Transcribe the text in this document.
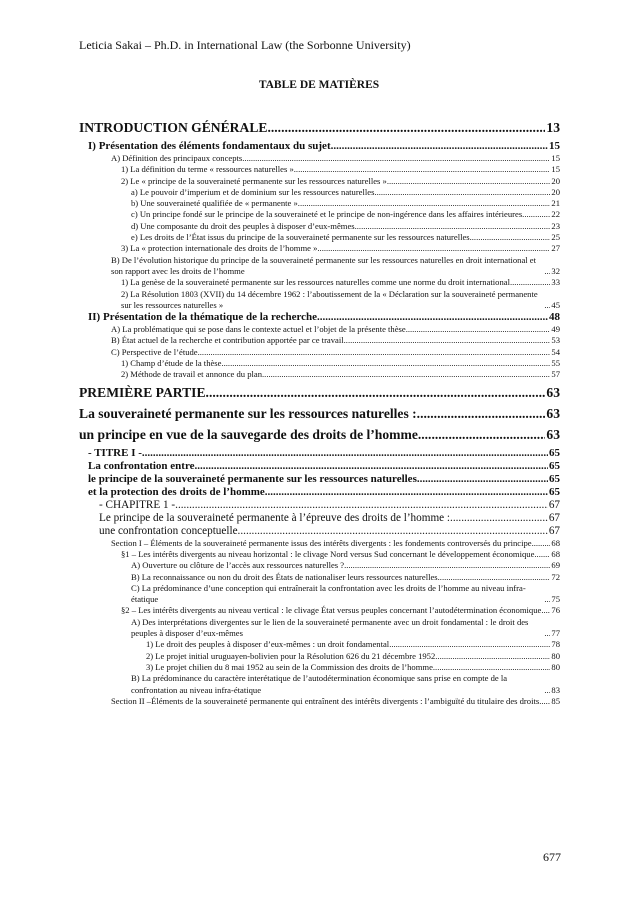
Leticia Sakai – Ph.D. in International Law (the Sorbonne University)
TABLE DE MATIÈRES
INTRODUCTION GÉNÉRALE .....	13
I) Présentation des éléments fondamentaux du sujet .....	15
A) Définition des principaux concepts .....	15
1) La définition du terme « ressources naturelles » .....	15
2) Le « principe de la souveraineté permanente sur les ressources naturelles » .....	20
a) Le pouvoir d’imperium et de dominium sur les ressources naturelles .....	20
b) Une souveraineté qualifiée de « permanente » .....	21
c) Un principe fondé sur le principe de la souveraineté et le principe de non-ingérence dans les affaires intérieures .....	22
d) Une composante du droit des peuples à disposer d’eux-mêmes .....	23
e) Les droits de l’État issus du principe de la souveraineté permanente sur les ressources naturelles .....	25
3) La « protection internationale des droits de l’homme » .....	27
B) De l’évolution historique du principe de la souveraineté permanente sur les ressources naturelles en droit international et son rapport avec les droits de l’homme .....	32
1) La genèse de la souveraineté permanente sur les ressources naturelles comme une norme du droit international .....	33
2) La Résolution 1803 (XVII) du 14 décembre 1962 : l’aboutissement de la « Déclaration sur la souveraineté permanente sur les ressources naturelles » .....	45
II) Présentation de la thématique de la recherche .....	48
A) La problématique qui se pose dans le contexte actuel et l’objet de la présente thèse .....	49
B) État actuel de la recherche et contribution apportée par ce travail .....	53
C) Perspective de l’étude .....	54
1) Champ d’étude de la thèse .....	55
2) Méthode de travail et annonce du plan .....	57
PREMIÈRE PARTIE .....	63
La souveraineté permanente sur les ressources naturelles : .....	63
un principe en vue de la sauvegarde des droits de l’homme .....	63
- TITRE I - .....	65
La confrontation entre .....	65
le principe de la souveraineté permanente sur les ressources naturelles .....	65
et la protection des droits de l’homme .....	65
- CHAPITRE 1 - .....	67
Le principe de la souveraineté permanente à l’épreuve des droits de l’homme : .....	67
une confrontation conceptuelle .....	67
Section I – Éléments de la souveraineté permanente issus des intérêts divergents : les fondements controversés du principe ..... 68
§1 – Les intérêts divergents au niveau horizontal : le clivage Nord versus Sud concernant le développement économique ..... 68
A) Ouverture ou clôture de l’accès aux ressources naturelles ? .....	69
B) La reconnaissance ou non du droit des États de nationaliser leurs ressources naturelles .....	72
C) La prédominance d’une conception qui entraînerait la confrontation avec les droits de l’homme au niveau infra-étatique .....	75
§2 – Les intérêts divergents au niveau vertical : le clivage État versus peuples concernant l’autodétermination économique ..... 76
A) Des interprétations divergentes sur le lien de la souveraineté permanente avec un droit fondamental : le droit des peuples à disposer d’eux-mêmes .....	77
1) Le droit des peuples à disposer d’eux-mêmes : un droit fondamental .....	78
2) Le projet initial uruguayen-bolivien pour la Résolution 626 du 21 décembre 1952 .....	80
3) Le projet chilien du 8 mai 1952 au sein de la Commission des droits de l’homme .....	80
B) La prédominance du caractère interétatique de l’autodétermination économique sans prise en compte de la confrontation au niveau infra-étatique .....	83
Section II –Éléments de la souveraineté permanente qui entraînent des intérêts divergents : l’ambiguïté du titulaire des droits ..... 85
677
